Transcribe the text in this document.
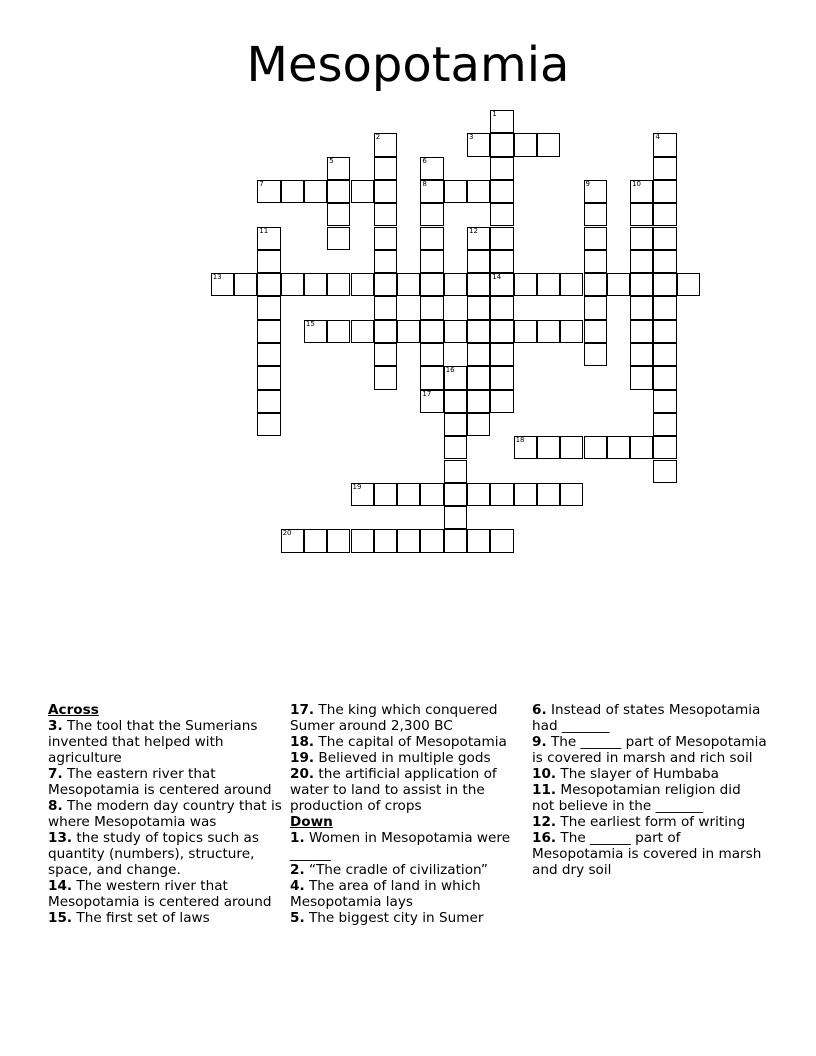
Mesopotamia
1
14
2	3	4
5	6
8
7	9	10
11	12
13
15
16
17
18
19
20
Across
3. The tool that the Sumerians invented that helped with agriculture
7. The eastern river that Mesopotamia is centered around
8. The modern day country that is where Mesopotamia was
13. the study of topics such as quantity (numbers), structure, space, and change.
14. The western river that Mesopotamia is centered around
15. The first set of laws
17. The king which conquered Sumer around 2,300 BC
18. The capital of Mesopotamia
19. Believed in multiple gods
20. the artificial application of water to land to assist in the production of crops
Down
1. Women in Mesopotamia were ______
2. “The cradle of civilization”
4. The area of land in which Mesopotamia lays
5. The biggest city in Sumer
6. Instead of states Mesopotamia had _______
9. The ______ part of Mesopotamia is covered in marsh and rich soil
10. The slayer of Humbaba
11. Mesopotamian religion did not believe in the _______
12. The earliest form of writing
16. The ______ part of Mesopotamia is covered in marsh and dry soil
